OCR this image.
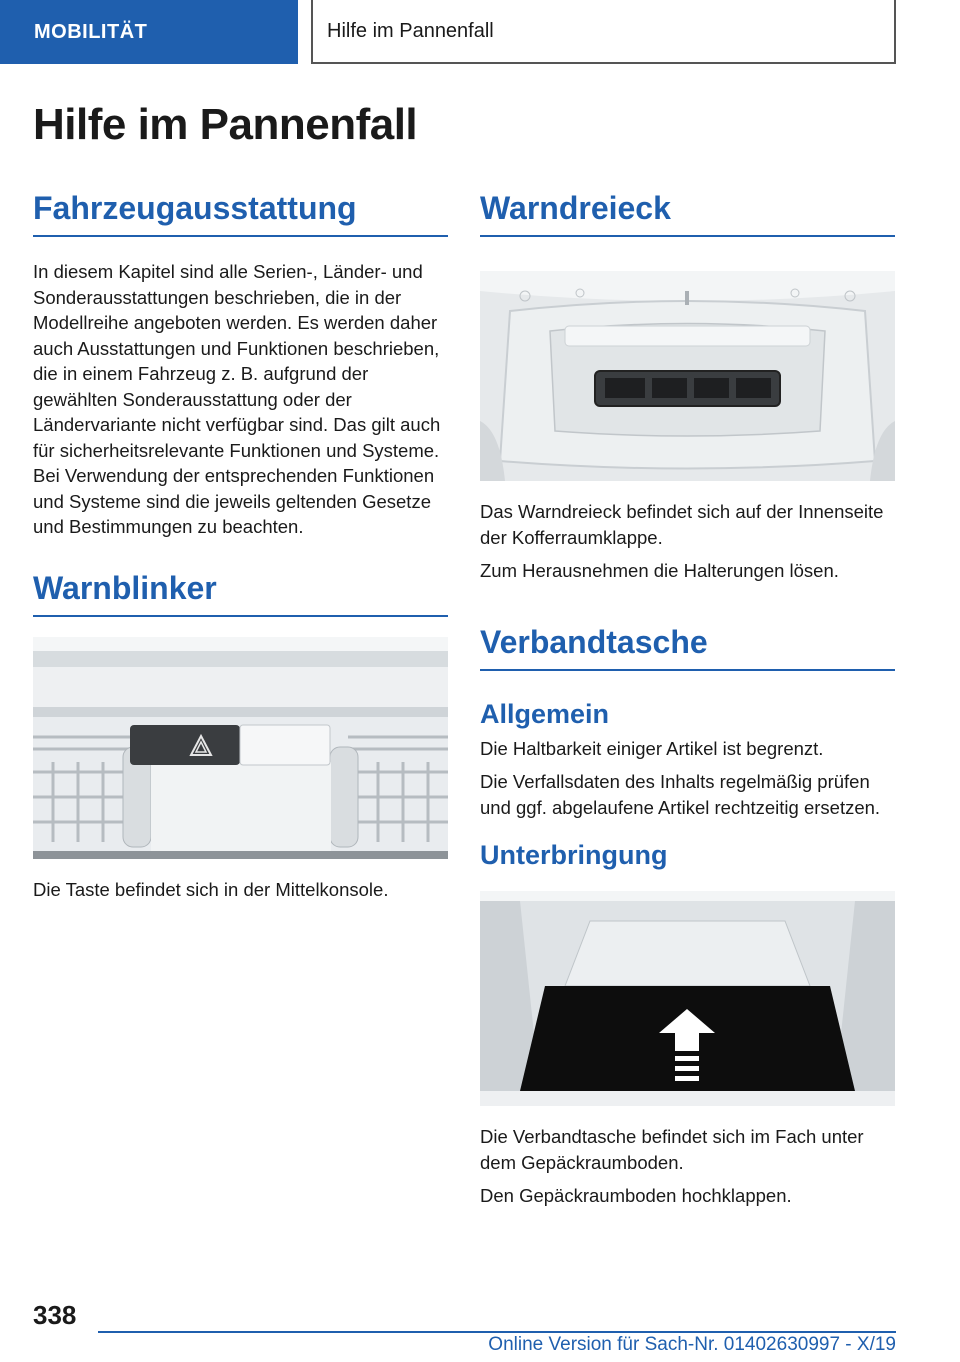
MOBILITÄT	Hilfe im Pannenfall
Hilfe im Pannenfall
Fahrzeugausstattung

In diesem Kapitel sind alle Serien-, Länder- und Sonderausstattungen beschrieben, die in der Modellreihe angeboten werden. Es werden daher auch Ausstattungen und Funktionen beschrieben, die in einem Fahrzeug z. B. aufgrund der gewählten Sonderausstattung oder der Ländervariante nicht verfügbar sind. Das gilt auch für sicherheitsrelevante Funktionen und Systeme. Bei Verwendung der entsprechenden Funktionen und Systeme sind die jeweils geltenden Gesetze und Bestimmungen zu beachten.

Warnblinker

Die Taste befindet sich in der Mittelkonsole.

Warndreieck

Das Warndreieck befindet sich auf der Innenseite der Kofferraumklappe.

Zum Herausnehmen die Halterungen lösen.

Verbandtasche
Allgemein

Die Haltbarkeit einiger Artikel ist begrenzt.

Die Verfallsdaten des Inhalts regelmäßig prüfen und ggf. abgelaufene Artikel rechtzeitig ersetzen.

Unterbringung

Die Verbandtasche befindet sich im Fach unter dem Gepäckraumboden.

Den Gepäckraumboden hochklappen.

338
Online Version für Sach-Nr. 01402630997 - X/19
